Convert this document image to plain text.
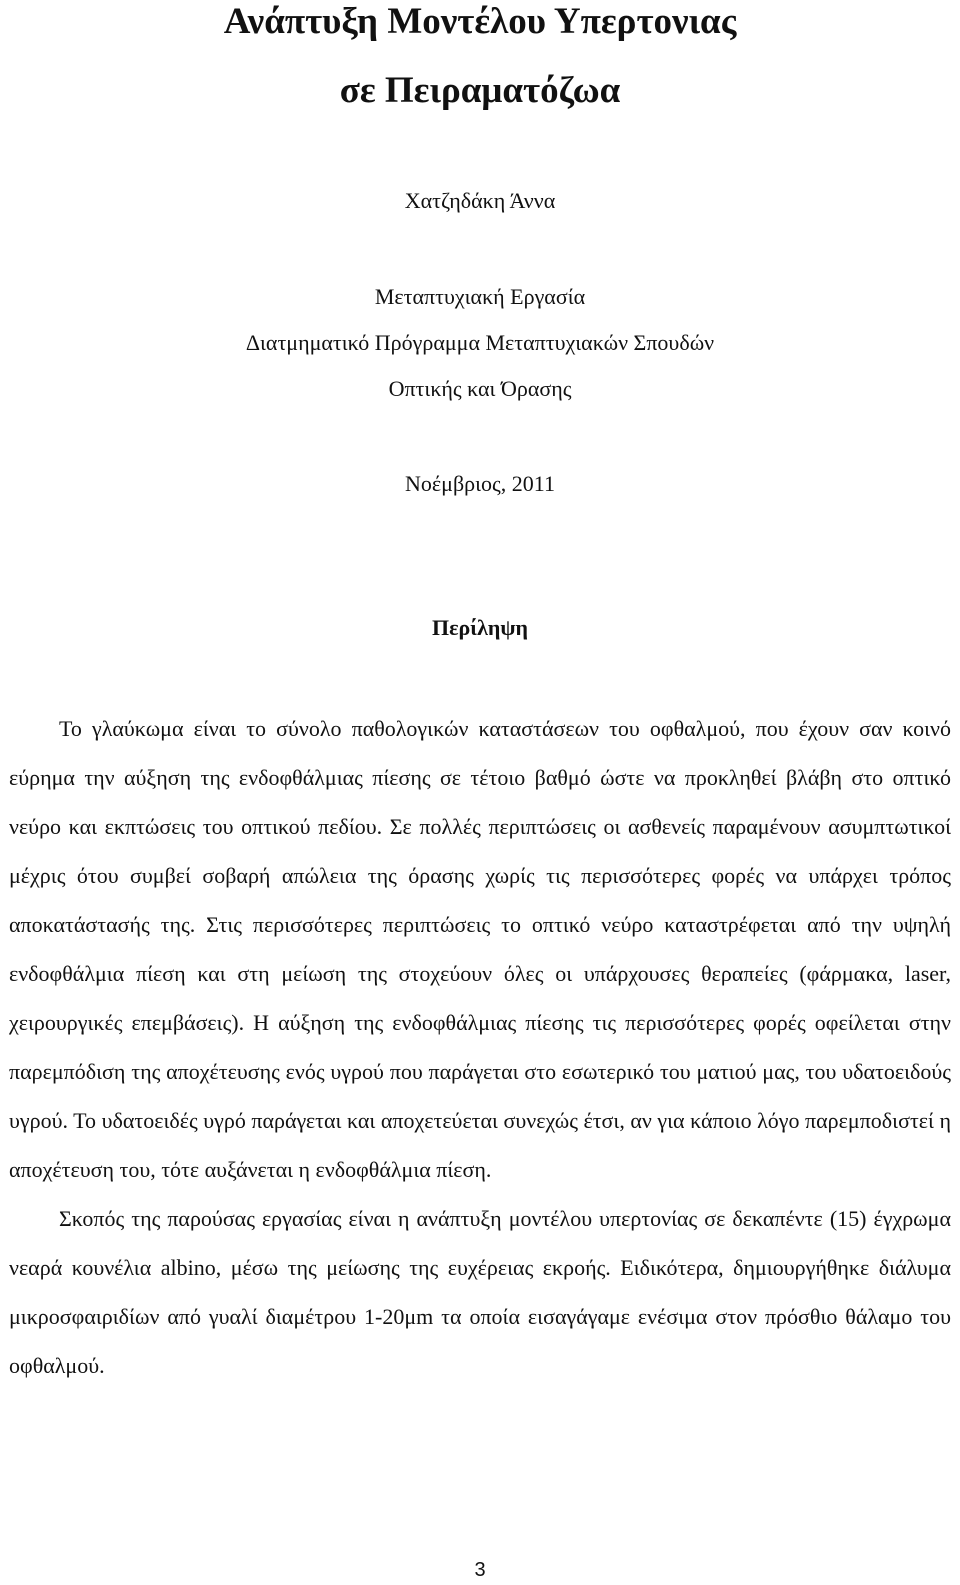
Ανάπτυξη Μοντέλου Υπερτονιας
σε Πειραματόζωα

Χατζηδάκη Άννα

Μεταπτυχιακή Εργασία

Διατμηματικό Πρόγραμμα Μεταπτυχιακών Σπουδών

Οπτικής και Όρασης

Νοέμβριος, 2011

Περίληψη

Το γλαύκωμα είναι το σύνολο παθολογικών καταστάσεων του οφθαλμού, που έχουν σαν κοινό εύρημα την αύξηση της ενδοφθάλμιας πίεσης σε τέτοιο βαθμό ώστε να προκληθεί βλάβη στο οπτικό νεύρο και εκπτώσεις του οπτικού πεδίου. Σε πολλές περιπτώσεις οι ασθενείς παραμένουν ασυμπτωτικοί μέχρις ότου συμβεί σοβαρή απώλεια της όρασης χωρίς τις περισσότερες φορές να υπάρχει τρόπος αποκατάστασής της. Στις περισσότερες περιπτώσεις το οπτικό νεύρο καταστρέφεται από την υψηλή ενδοφθάλμια πίεση και στη μείωση της στοχεύουν όλες οι υπάρχουσες θεραπείες (φάρμακα, laser, χειρουργικές επεμβάσεις). Η αύξηση της ενδοφθάλμιας πίεσης τις περισσότερες φορές οφείλεται στην παρεμπόδιση της αποχέτευσης ενός υγρού που παράγεται στο εσωτερικό του ματιού μας, του υδατοειδούς υγρού. Το υδατοειδές υγρό παράγεται και αποχετεύεται συνεχώς έτσι, αν για κάποιο λόγο παρεμποδιστεί η αποχέτευση του, τότε αυξάνεται η ενδοφθάλμια πίεση.

Σκοπός της παρούσας εργασίας είναι η ανάπτυξη μοντέλου υπερτονίας σε δεκαπέντε (15) έγχρωμα νεαρά κουνέλια albino, μέσω της μείωσης της ευχέρειας εκροής. Ειδικότερα, δημιουργήθηκε διάλυμα μικροσφαιριδίων από γυαλί διαμέτρου 1-20μm τα οποία εισαγάγαμε ενέσιμα στον πρόσθιο θάλαμο του οφθαλμού.

3
